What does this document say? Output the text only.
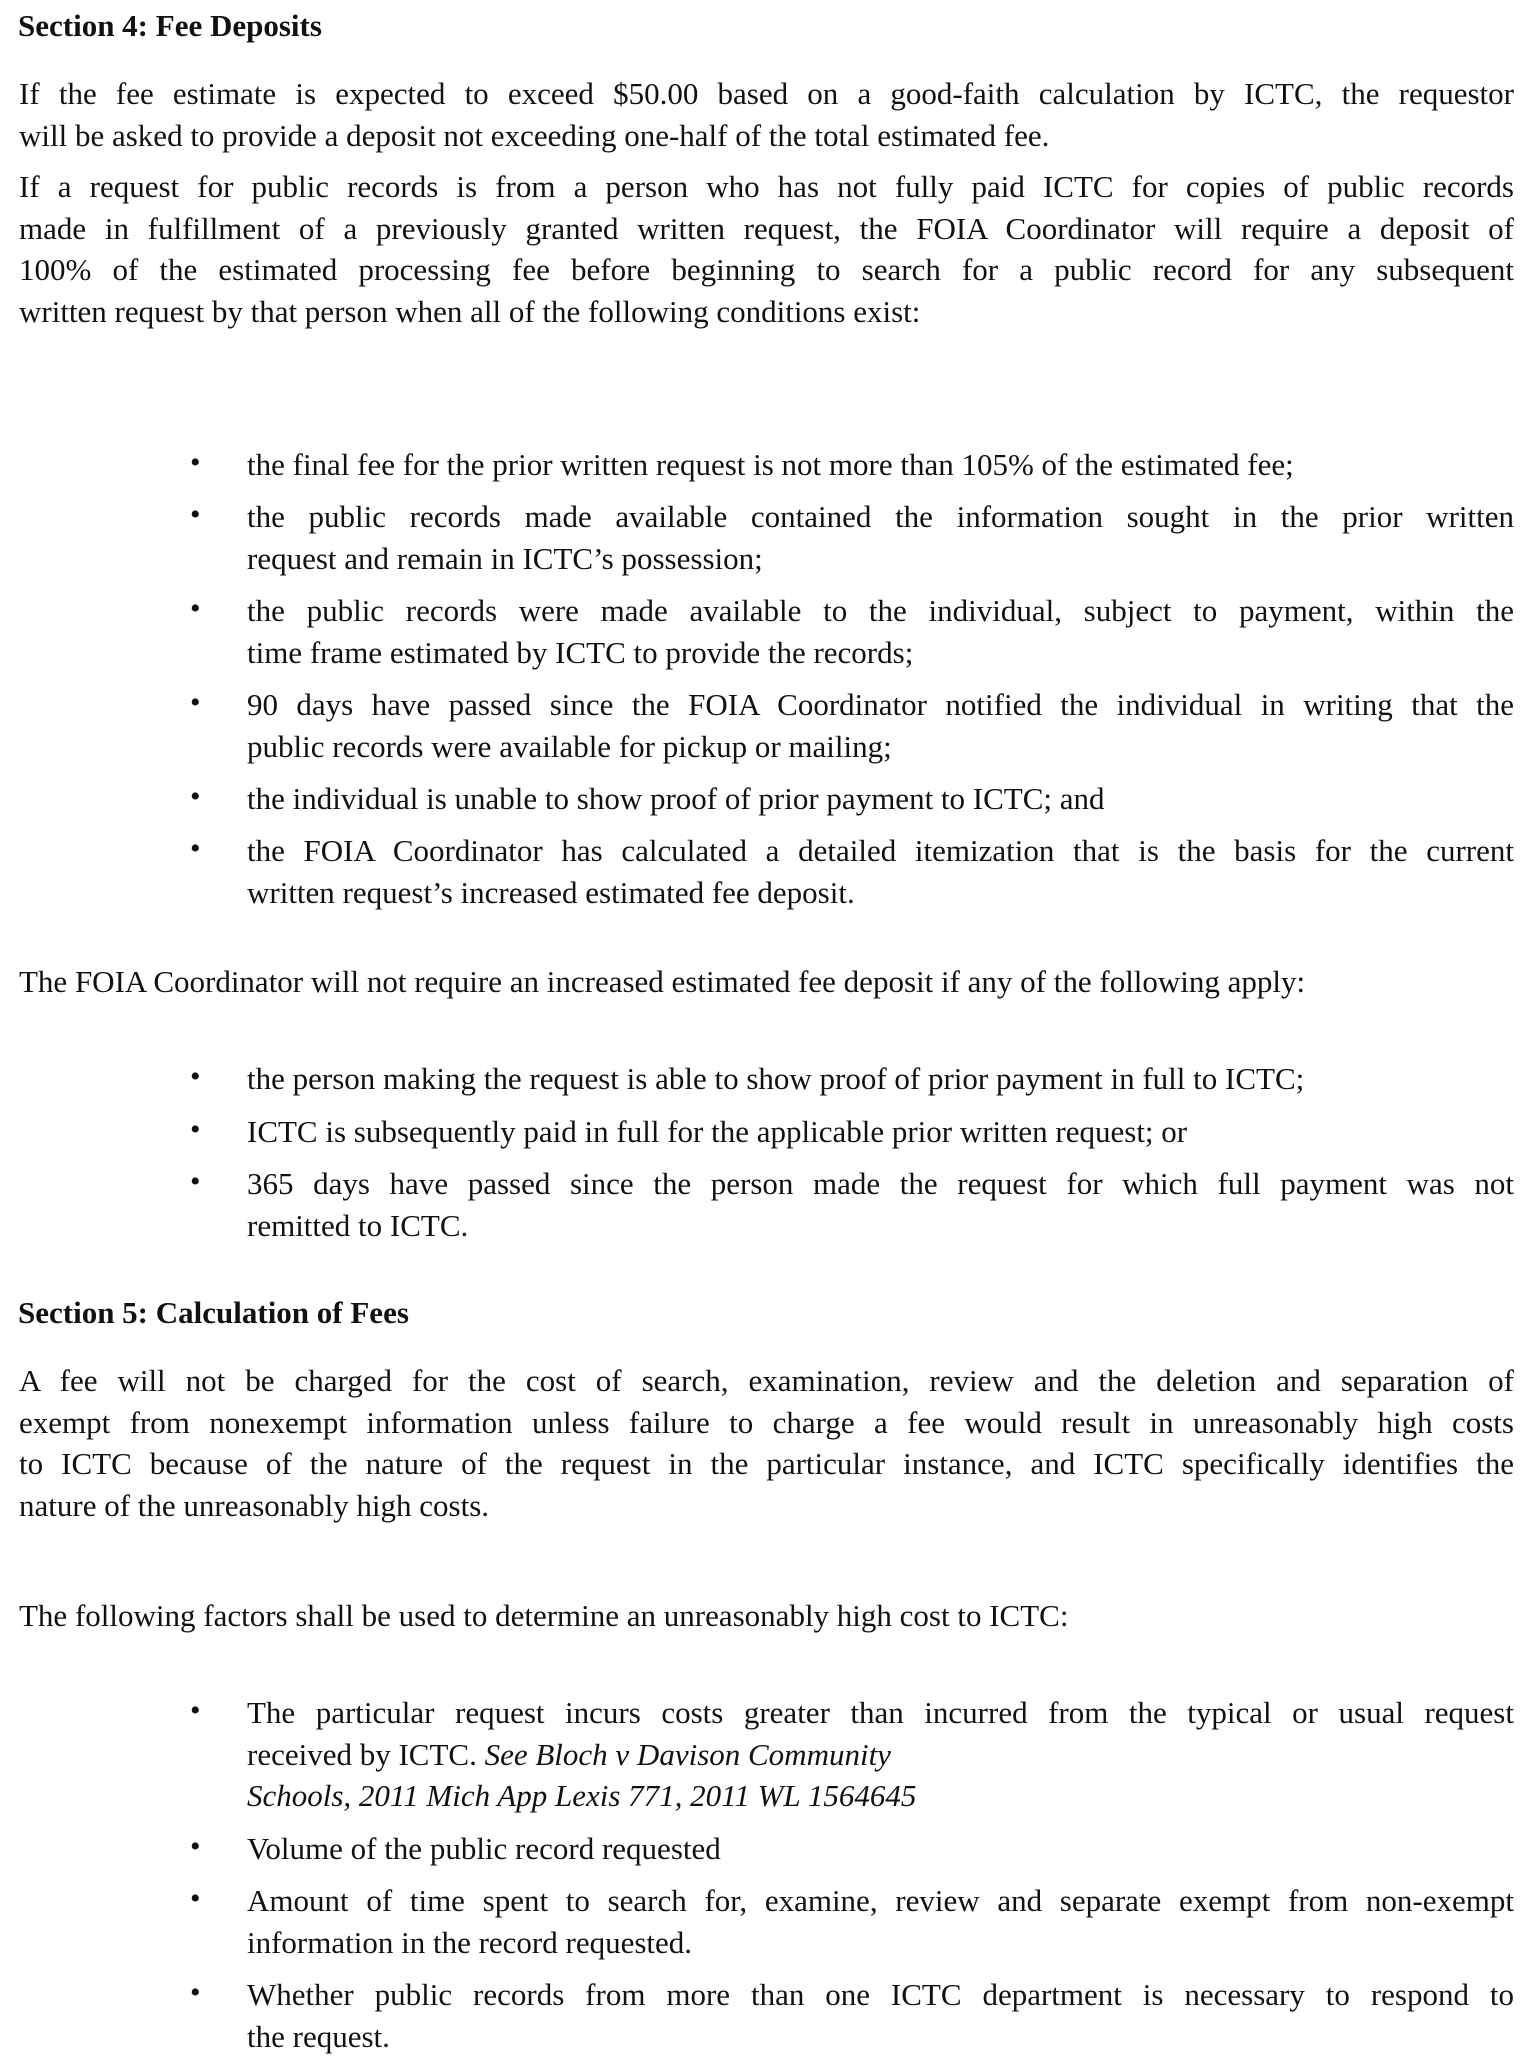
Section 4: Fee Deposits
If the fee estimate is expected to exceed $50.00 based on a good-faith calculation by ICTC, the requestor
will be asked to provide a deposit not exceeding one-half of the total estimated fee.
If a request for public records is from a person who has not fully paid ICTC for copies of public records
made in fulfillment of a previously granted written request, the FOIA Coordinator will require a deposit of
100% of the estimated processing fee before beginning to search for a public record for any subsequent
written request by that person when all of the following conditions exist:
• the final fee for the prior written request is not more than 105% of the estimated fee;
• the public records made available contained the information sought in the prior written
request and remain in ICTC’s possession;
• the public records were made available to the individual, subject to payment, within the
time frame estimated by ICTC to provide the records;
• 90 days have passed since the FOIA Coordinator notified the individual in writing that the
public records were available for pickup or mailing;
• the individual is unable to show proof of prior payment to ICTC; and
• the FOIA Coordinator has calculated a detailed itemization that is the basis for the current
written request’s increased estimated fee deposit.
The FOIA Coordinator will not require an increased estimated fee deposit if any of the following apply:
• the person making the request is able to show proof of prior payment in full to ICTC;
• ICTC is subsequently paid in full for the applicable prior written request; or
• 365 days have passed since the person made the request for which full payment was not
remitted to ICTC.
Section 5: Calculation of Fees
A fee will not be charged for the cost of search, examination, review and the deletion and separation of
exempt from nonexempt information unless failure to charge a fee would result in unreasonably high costs
to ICTC because of the nature of the request in the particular instance, and ICTC specifically identifies the
nature of the unreasonably high costs.
The following factors shall be used to determine an unreasonably high cost to ICTC:
• The particular request incurs costs greater than incurred from the typical or usual request
received by ICTC. See Bloch v Davison Community
Schools, 2011 Mich App Lexis 771, 2011 WL 1564645
• Volume of the public record requested
• Amount of time spent to search for, examine, review and separate exempt from non-exempt
information in the record requested.
• Whether public records from more than one ICTC department is necessary to respond to
the request.
